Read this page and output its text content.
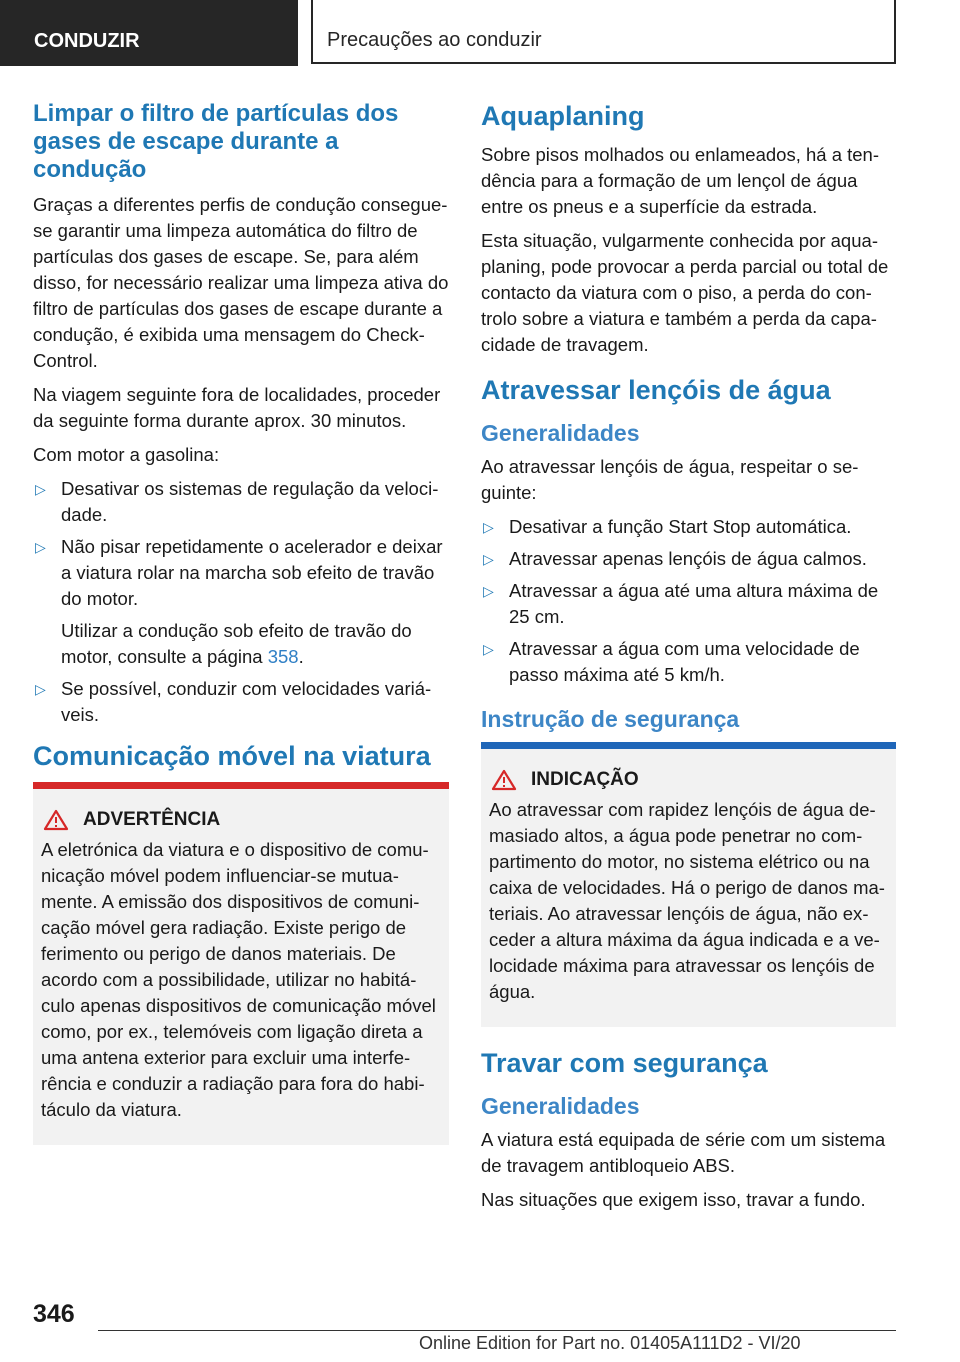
CONDUZIR	Precauções ao conduzir
Limpar o filtro de partículas dos gases de escape durante a condução

Graças a diferentes perfis de condução consegue-se garantir uma limpeza automática do filtro de partículas dos gases de escape. Se, para além disso, for necessário realizar uma limpeza ativa do filtro de partículas dos gases de escape durante a condução, é exibida uma mensagem do Check-Control.

Na viagem seguinte fora de localidades, proceder da seguinte forma durante aprox. 30 minutos.

Com motor a gasolina:

▷ Desativar os sistemas de regulação da velocidade.
▷ Não pisar repetidamente o acelerador e deixar a viatura rolar na marcha sob efeito de travão do motor.
Utilizar a condução sob efeito de travão do motor, consulte a página 358.
▷ Se possível, conduzir com velocidades variáveis.
Comunicação móvel na viatura
ADVERTÊNCIA

A eletrónica da viatura e o dispositivo de comunicação móvel podem influenciar-se mutuamente. A emissão dos dispositivos de comunicação móvel gera radiação. Existe perigo de ferimento ou perigo de danos materiais. De acordo com a possibilidade, utilizar no habitáculo apenas dispositivos de comunicação móvel como, por ex., telemóveis com ligação direta a uma antena exterior para excluir uma interferência e conduzir a radiação para fora do habitáculo da viatura.

Aquaplaning

Sobre pisos molhados ou enlameados, há a tendência para a formação de um lençol de água entre os pneus e a superfície da estrada.

Esta situação, vulgarmente conhecida por aquaplaning, pode provocar a perda parcial ou total de contacto da viatura com o piso, a perda do controlo sobre a viatura e também a perda da capacidade de travagem.

Atravessar lençóis de água
Generalidades

Ao atravessar lençóis de água, respeitar o seguinte:

▷ Desativar a função Start Stop automática.
▷ Atravessar apenas lençóis de água calmos.
▷ Atravessar a água até uma altura máxima de 25 cm.
▷ Atravessar a água com uma velocidade de passo máxima até 5 km/h.
Instrução de segurança
INDICAÇÃO

Ao atravessar com rapidez lençóis de água demasiado altos, a água pode penetrar no compartimento do motor, no sistema elétrico ou na caixa de velocidades. Há o perigo de danos materiais. Ao atravessar lençóis de água, não exceder a altura máxima da água indicada e a velocidade máxima para atravessar os lençóis de água.

Travar com segurança
Generalidades

A viatura está equipada de série com um sistema de travagem antibloqueio ABS.

Nas situações que exigem isso, travar a fundo.

346
Online Edition for Part no. 01405A111D2 - VI/20
